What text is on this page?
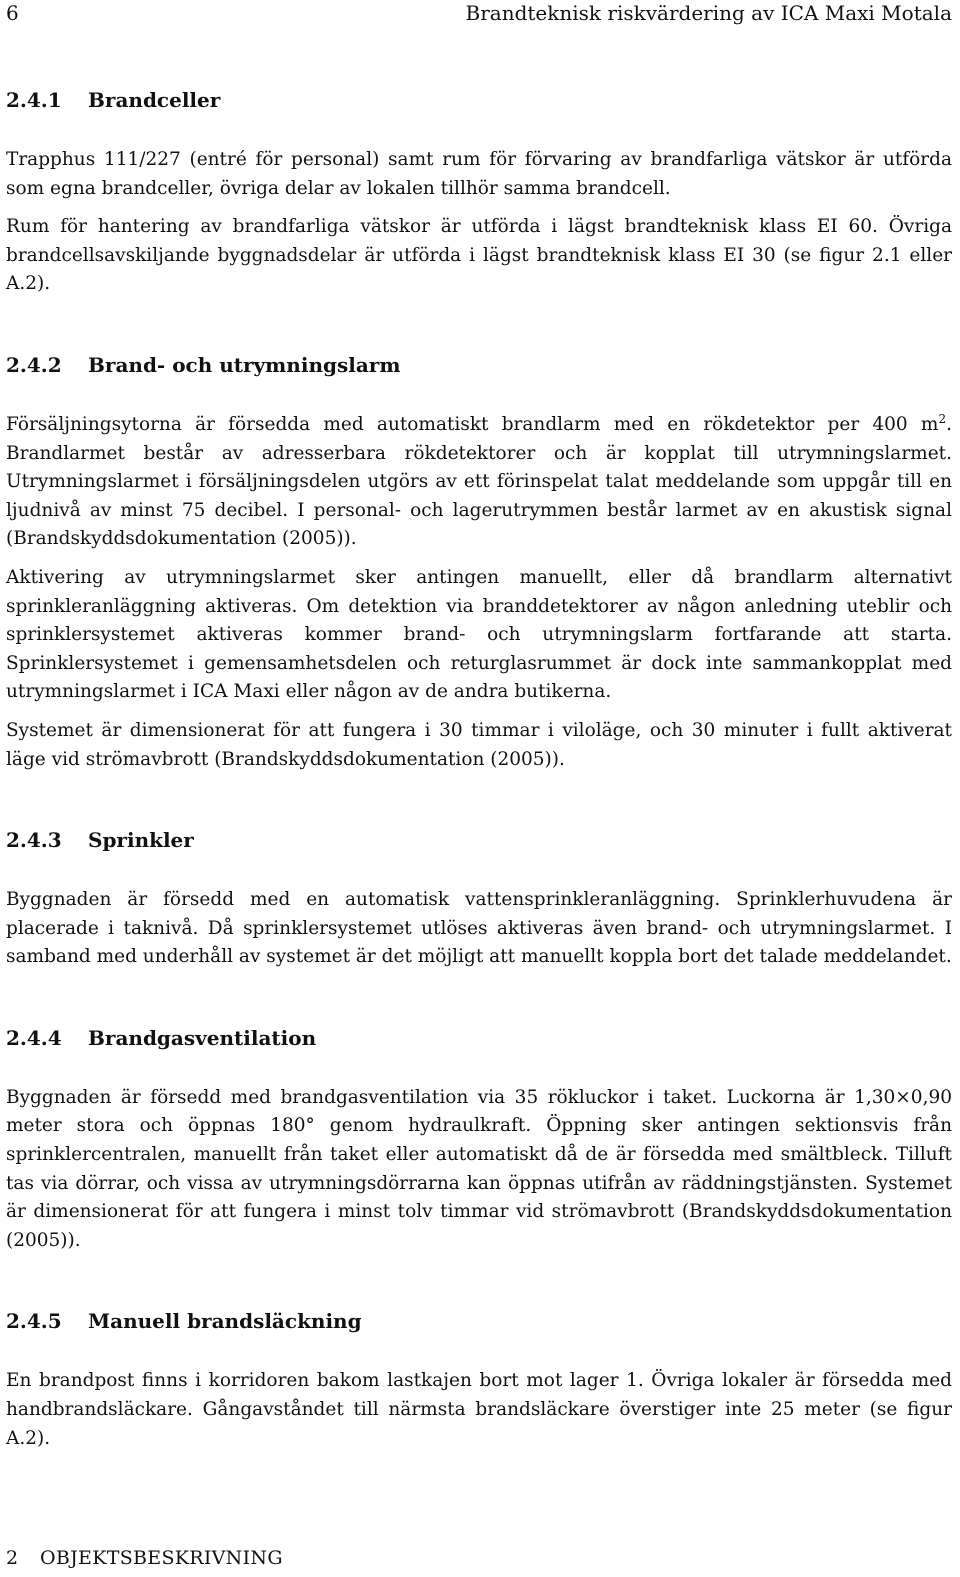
6	Brandteknisk riskvärdering av ICA Maxi Motala
2.4.1 Brandceller

Trapphus 111/227 (entré för personal) samt rum för förvaring av brandfarliga vätskor är utförda som egna brandceller, övriga delar av lokalen tillhör samma brandcell.

Rum för hantering av brandfarliga vätskor är utförda i lägst brandteknisk klass EI 60. Övriga brandcellsavskiljande byggnadsdelar är utförda i lägst brandteknisk klass EI 30 (se figur 2.1 eller A.2).

2.4.2 Brand- och utrymningslarm

Försäljningsytorna är försedda med automatiskt brandlarm med en rökdetektor per 400 $m^2$. Brandlarmet består av adresserbara rökdetektorer och är kopplat till utrymningslarmet. Utrymningslarmet i försäljningsdelen utgörs av ett förinspelat talat meddelande som uppgår till en ljudnivå av minst 75 decibel. I personal- och lagerutrymmen består larmet av en akustisk signal (Brandskyddsdokumentation (2005)).

Aktivering av utrymningslarmet sker antingen manuellt, eller då brandlarm alternativt sprinkleranläggning aktiveras. Om detektion via branddetektorer av någon anledning uteblir och sprinklersystemet aktiveras kommer brand- och utrymningslarm fortfarande att starta. Sprinklersystemet i gemensamhetsdelen och returglasrummet är dock inte sammankopplat med utrymningslarmet i ICA Maxi eller någon av de andra butikerna.

Systemet är dimensionerat för att fungera i 30 timmar i viloläge, och 30 minuter i fullt aktiverat läge vid strömavbrott (Brandskyddsdokumentation (2005)).

2.4.3 Sprinkler

Byggnaden är försedd med en automatisk vattensprinkleranläggning. Sprinklerhuvudena är placerade i taknivå. Då sprinklersystemet utlöses aktiveras även brand- och utrymningslarmet. I samband med underhåll av systemet är det möjligt att manuellt koppla bort det talade meddelandet.

2.4.4 Brandgasventilation

Byggnaden är försedd med brandgasventilation via 35 rökluckor i taket. Luckorna är 1,30×0,90 meter stora och öppnas 180° genom hydraulkraft. Öppning sker antingen sektionsvis från sprinklercentralen, manuellt från taket eller automatiskt då de är försedda med smältbleck. Tilluft tas via dörrar, och vissa av utrymningsdörrarna kan öppnas utifrån av räddningstjänsten. Systemet är dimensionerat för att fungera i minst tolv timmar vid strömavbrott (Brandskyddsdokumentation (2005)).

2.4.5 Manuell brandsläckning

En brandpost finns i korridoren bakom lastkajen bort mot lager 1. Övriga lokaler är försedda med handbrandsläckare. Gångavståndet till närmsta brandsläckare överstiger inte 25 meter (se figur A.2).

2 OBJEKTSBESKRIVNING
